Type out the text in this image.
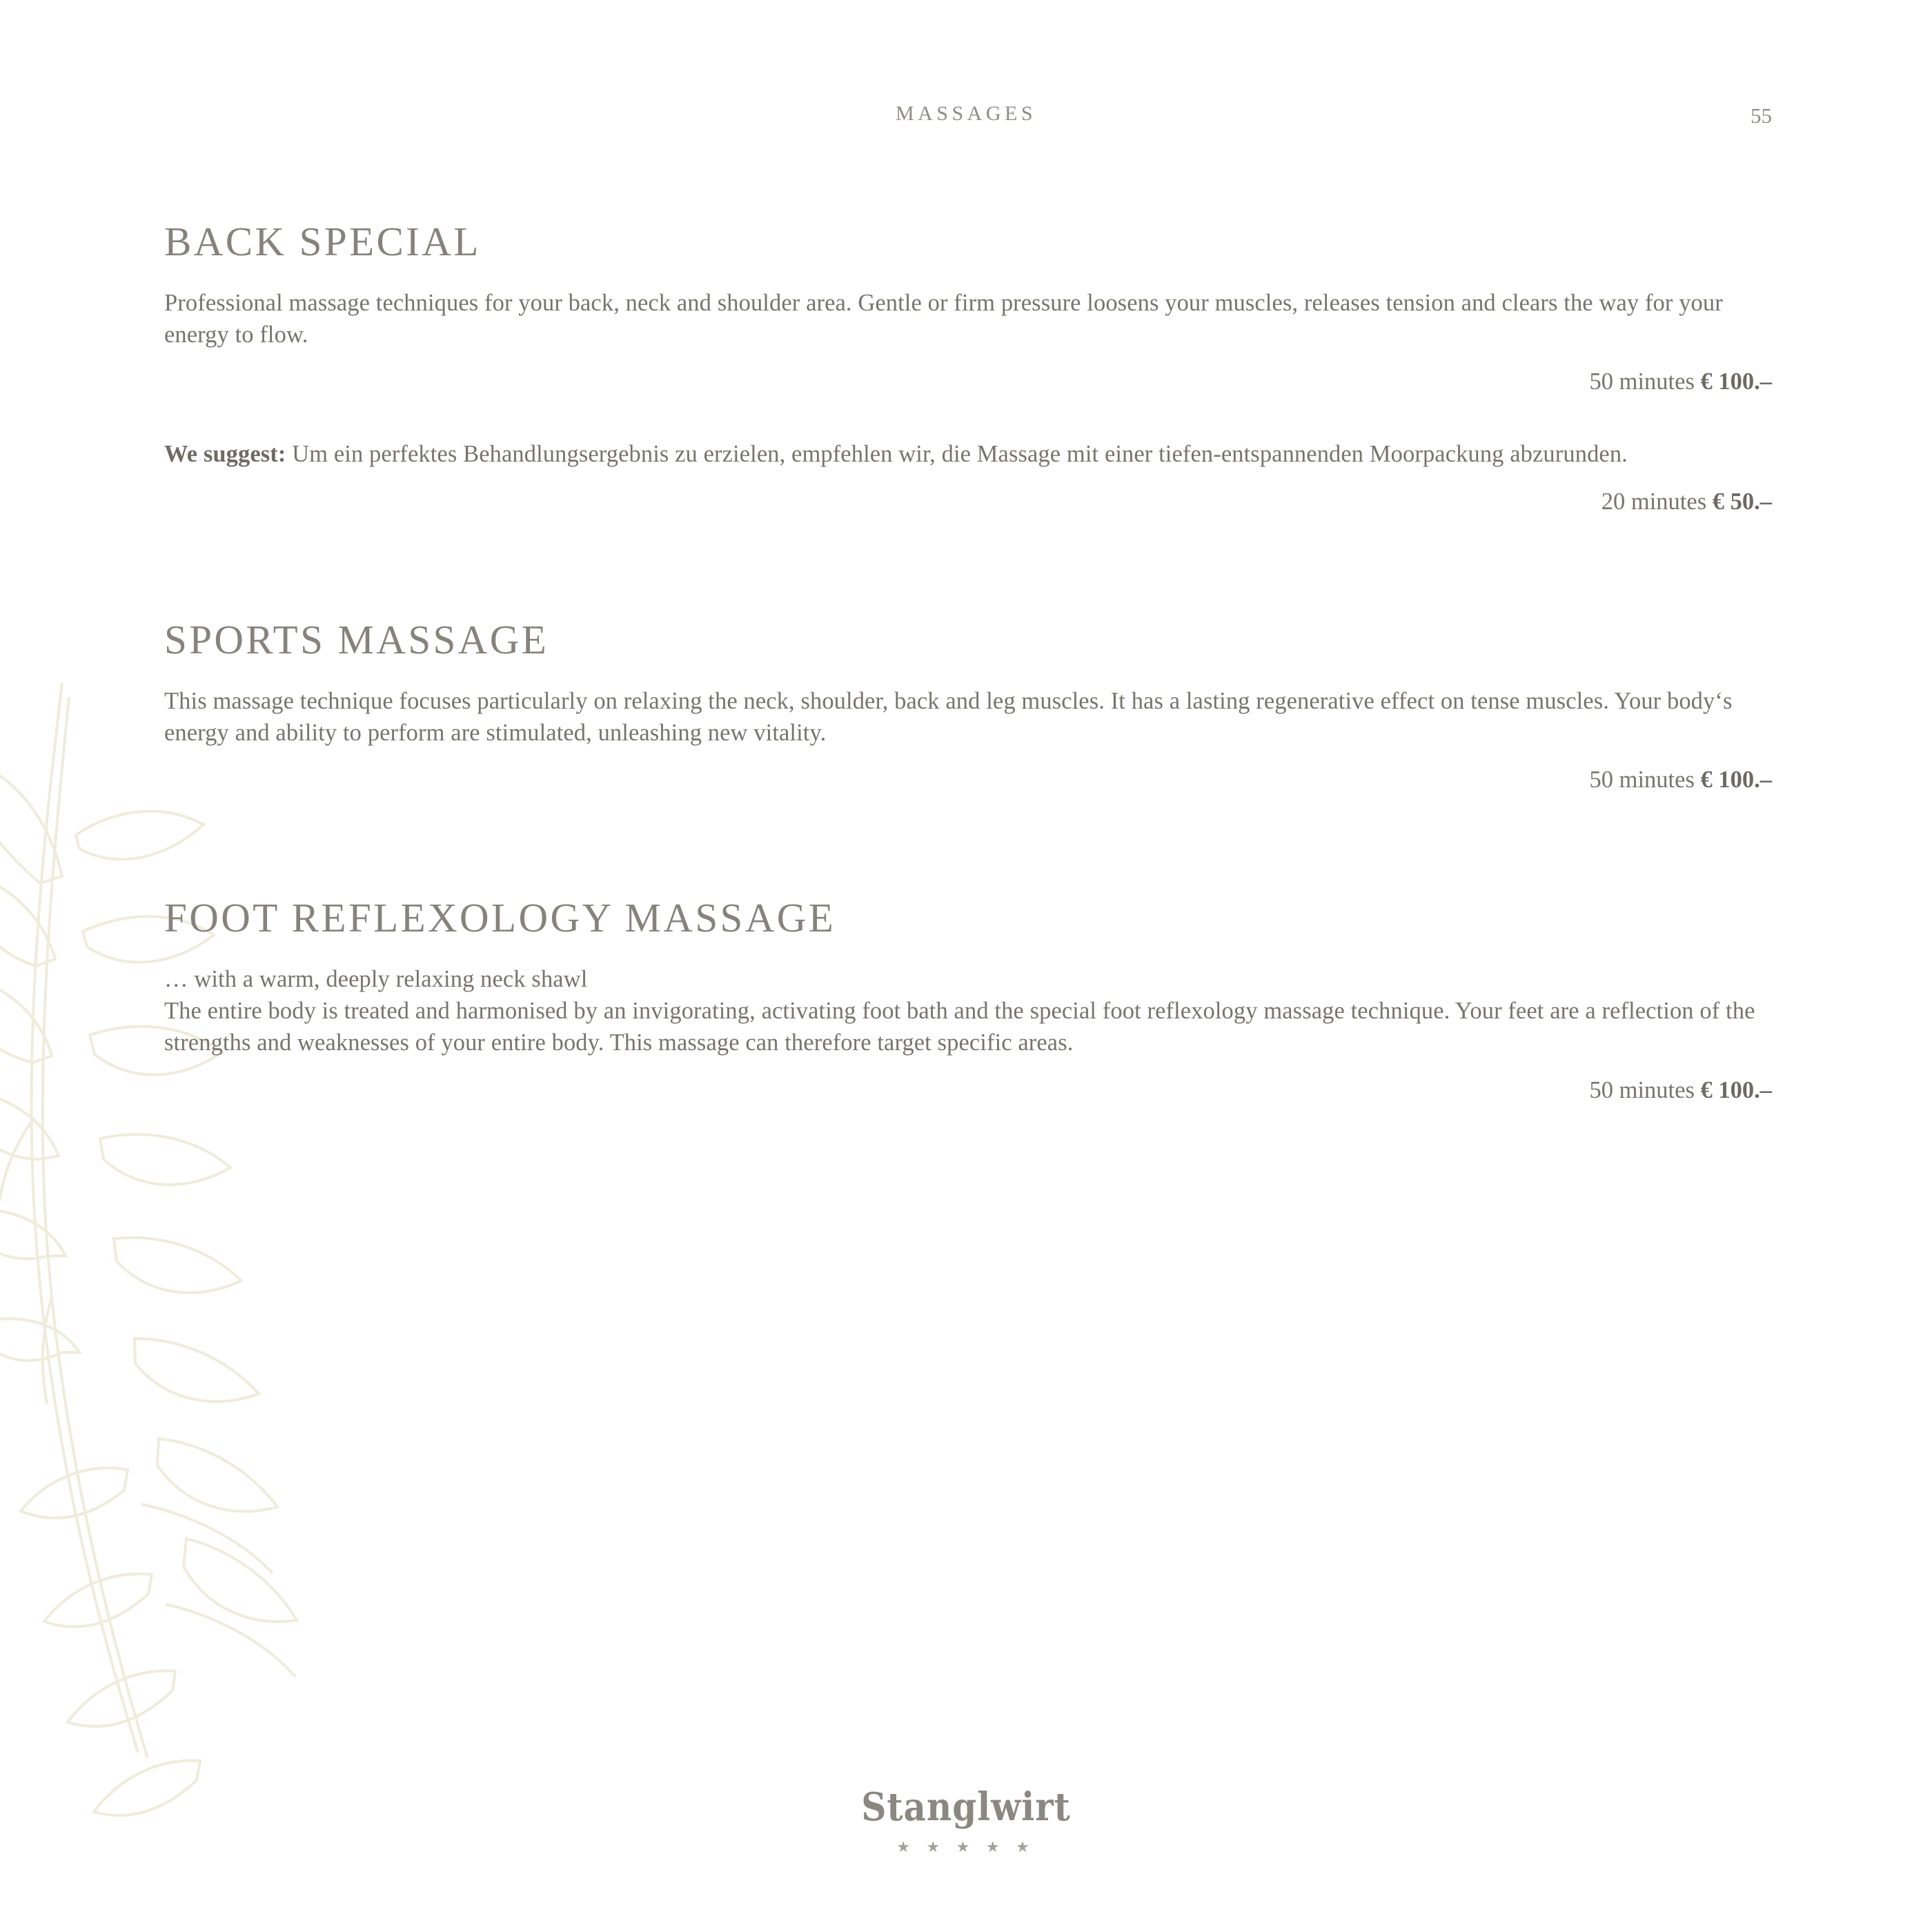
MASSAGES	55
BACK SPECIAL

Professional massage techniques for your back, neck and shoulder area. Gentle or firm pressure loosens your muscles, releases tension and clears the way for your energy to flow.

50 minutes € 100.–

We suggest: Um ein perfektes Behandlungsergebnis zu erzielen, empfehlen wir, die Massage mit einer tiefen-entspannenden Moorpackung abzurunden.

20 minutes € 50.–
SPORTS MASSAGE

This massage technique focuses particularly on relaxing the neck, shoulder, back and leg muscles. It has a lasting regenerative effect on tense muscles. Your body‘s energy and ability to perform are stimulated, unleashing new vitality.

50 minutes € 100.–
FOOT REFLEXOLOGY MASSAGE

… with a warm, deeply relaxing neck shawl

The entire body is treated and harmonised by an invigorating, activating foot bath and the special foot reflexology massage technique. Your feet are a reflection of the strengths and weaknesses of your entire body. This massage can therefore target specific areas.

50 minutes € 100.–
Stanglwirt
★ ★ ★ ★ ★
